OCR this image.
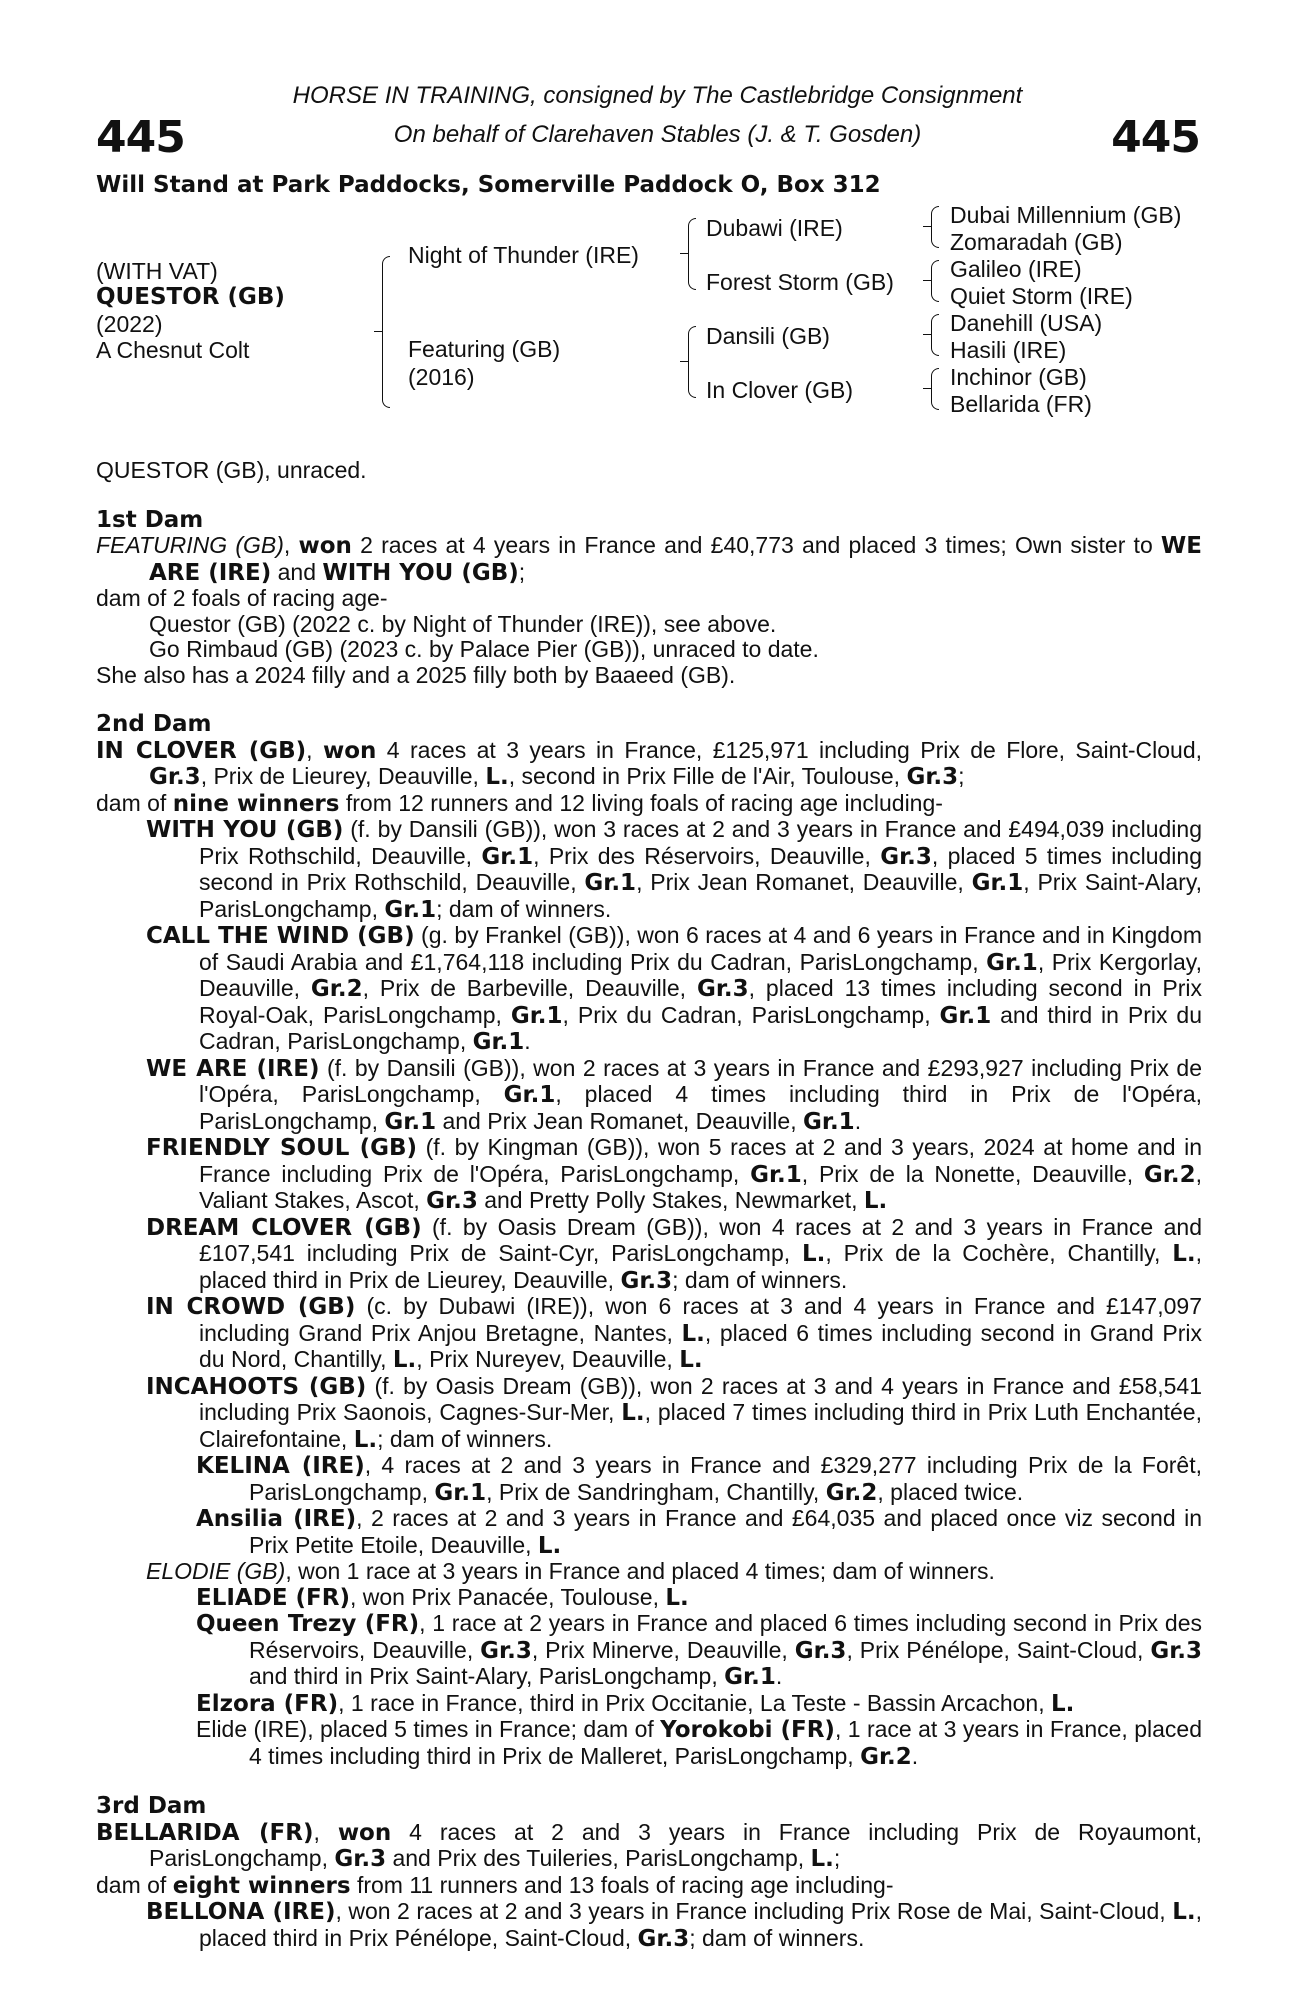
445	445
HORSE IN TRAINING, consigned by The Castlebridge Consignment
On behalf of Clarehaven Stables (J. & T. Gosden)
Will Stand at Park Paddocks, Somerville Paddock O, Box 312
(WITH VAT)
QUESTOR (GB)
(2022)
A Chesnut Colt
Night of Thunder (IRE)
Featuring (GB)
(2016)
Dubawi (IRE)
Forest Storm (GB)
Dansili (GB)
In Clover (GB)
Dubai Millennium (GB)
Zomaradah (GB)
Galileo (IRE)
Quiet Storm (IRE)
Danehill (USA)
Hasili (IRE)
Inchinor (GB)
Bellarida (FR)

QUESTOR (GB), unraced.

1st Dam

FEATURING (GB), won 2 races at 4 years in France and £40,773 and placed 3 times; Own sister to WE ARE (IRE) and WITH YOU (GB);

dam of 2 foals of racing age-

Questor (GB) (2022 c. by Night of Thunder (IRE)), see above.

Go Rimbaud (GB) (2023 c. by Palace Pier (GB)), unraced to date.

She also has a 2024 filly and a 2025 filly both by Baaeed (GB).

2nd Dam

IN CLOVER (GB), won 4 races at 3 years in France, £125,971 including Prix de Flore, Saint-Cloud, Gr.3, Prix de Lieurey, Deauville, L., second in Prix Fille de l'Air, Toulouse, Gr.3;

dam of nine winners from 12 runners and 12 living foals of racing age including-

WITH YOU (GB) (f. by Dansili (GB)), won 3 races at 2 and 3 years in France and £494,039 including Prix Rothschild, Deauville, Gr.1, Prix des Réservoirs, Deauville, Gr.3, placed 5 times including second in Prix Rothschild, Deauville, Gr.1, Prix Jean Romanet, Deauville, Gr.1, Prix Saint-Alary, ParisLongchamp, Gr.1; dam of winners.

CALL THE WIND (GB) (g. by Frankel (GB)), won 6 races at 4 and 6 years in France and in Kingdom of Saudi Arabia and £1,764,118 including Prix du Cadran, ParisLongchamp, Gr.1, Prix Kergorlay, Deauville, Gr.2, Prix de Barbeville, Deauville, Gr.3, placed 13 times including second in Prix Royal-Oak, ParisLongchamp, Gr.1, Prix du Cadran, ParisLongchamp, Gr.1 and third in Prix du Cadran, ParisLongchamp, Gr.1.

WE ARE (IRE) (f. by Dansili (GB)), won 2 races at 3 years in France and £293,927 including Prix de l'Opéra, ParisLongchamp, Gr.1, placed 4 times including third in Prix de l'Opéra, ParisLongchamp, Gr.1 and Prix Jean Romanet, Deauville, Gr.1.

FRIENDLY SOUL (GB) (f. by Kingman (GB)), won 5 races at 2 and 3 years, 2024 at home and in France including Prix de l'Opéra, ParisLongchamp, Gr.1, Prix de la Nonette, Deauville, Gr.2, Valiant Stakes, Ascot, Gr.3 and Pretty Polly Stakes, Newmarket, L.

DREAM CLOVER (GB) (f. by Oasis Dream (GB)), won 4 races at 2 and 3 years in France and £107,541 including Prix de Saint-Cyr, ParisLongchamp, L., Prix de la Cochère, Chantilly, L., placed third in Prix de Lieurey, Deauville, Gr.3; dam of winners.

IN CROWD (GB) (c. by Dubawi (IRE)), won 6 races at 3 and 4 years in France and £147,097 including Grand Prix Anjou Bretagne, Nantes, L., placed 6 times including second in Grand Prix du Nord, Chantilly, L., Prix Nureyev, Deauville, L.

INCAHOOTS (GB) (f. by Oasis Dream (GB)), won 2 races at 3 and 4 years in France and £58,541 including Prix Saonois, Cagnes-Sur-Mer, L., placed 7 times including third in Prix Luth Enchantée, Clairefontaine, L.; dam of winners.

KELINA (IRE), 4 races at 2 and 3 years in France and £329,277 including Prix de la Forêt, ParisLongchamp, Gr.1, Prix de Sandringham, Chantilly, Gr.2, placed twice.

Ansilia (IRE), 2 races at 2 and 3 years in France and £64,035 and placed once viz second in Prix Petite Etoile, Deauville, L.

ELODIE (GB), won 1 race at 3 years in France and placed 4 times; dam of winners.

ELIADE (FR), won Prix Panacée, Toulouse, L.

Queen Trezy (FR), 1 race at 2 years in France and placed 6 times including second in Prix des Réservoirs, Deauville, Gr.3, Prix Minerve, Deauville, Gr.3, Prix Pénélope, Saint-Cloud, Gr.3 and third in Prix Saint-Alary, ParisLongchamp, Gr.1.

Elzora (FR), 1 race in France, third in Prix Occitanie, La Teste - Bassin Arcachon, L.

Elide (IRE), placed 5 times in France; dam of Yorokobi (FR), 1 race at 3 years in France, placed 4 times including third in Prix de Malleret, ParisLongchamp, Gr.2.

3rd Dam

BELLARIDA (FR), won 4 races at 2 and 3 years in France including Prix de Royaumont, ParisLongchamp, Gr.3 and Prix des Tuileries, ParisLongchamp, L.;

dam of eight winners from 11 runners and 13 foals of racing age including-

BELLONA (IRE), won 2 races at 2 and 3 years in France including Prix Rose de Mai, Saint-Cloud, L., placed third in Prix Pénélope, Saint-Cloud, Gr.3; dam of winners.
